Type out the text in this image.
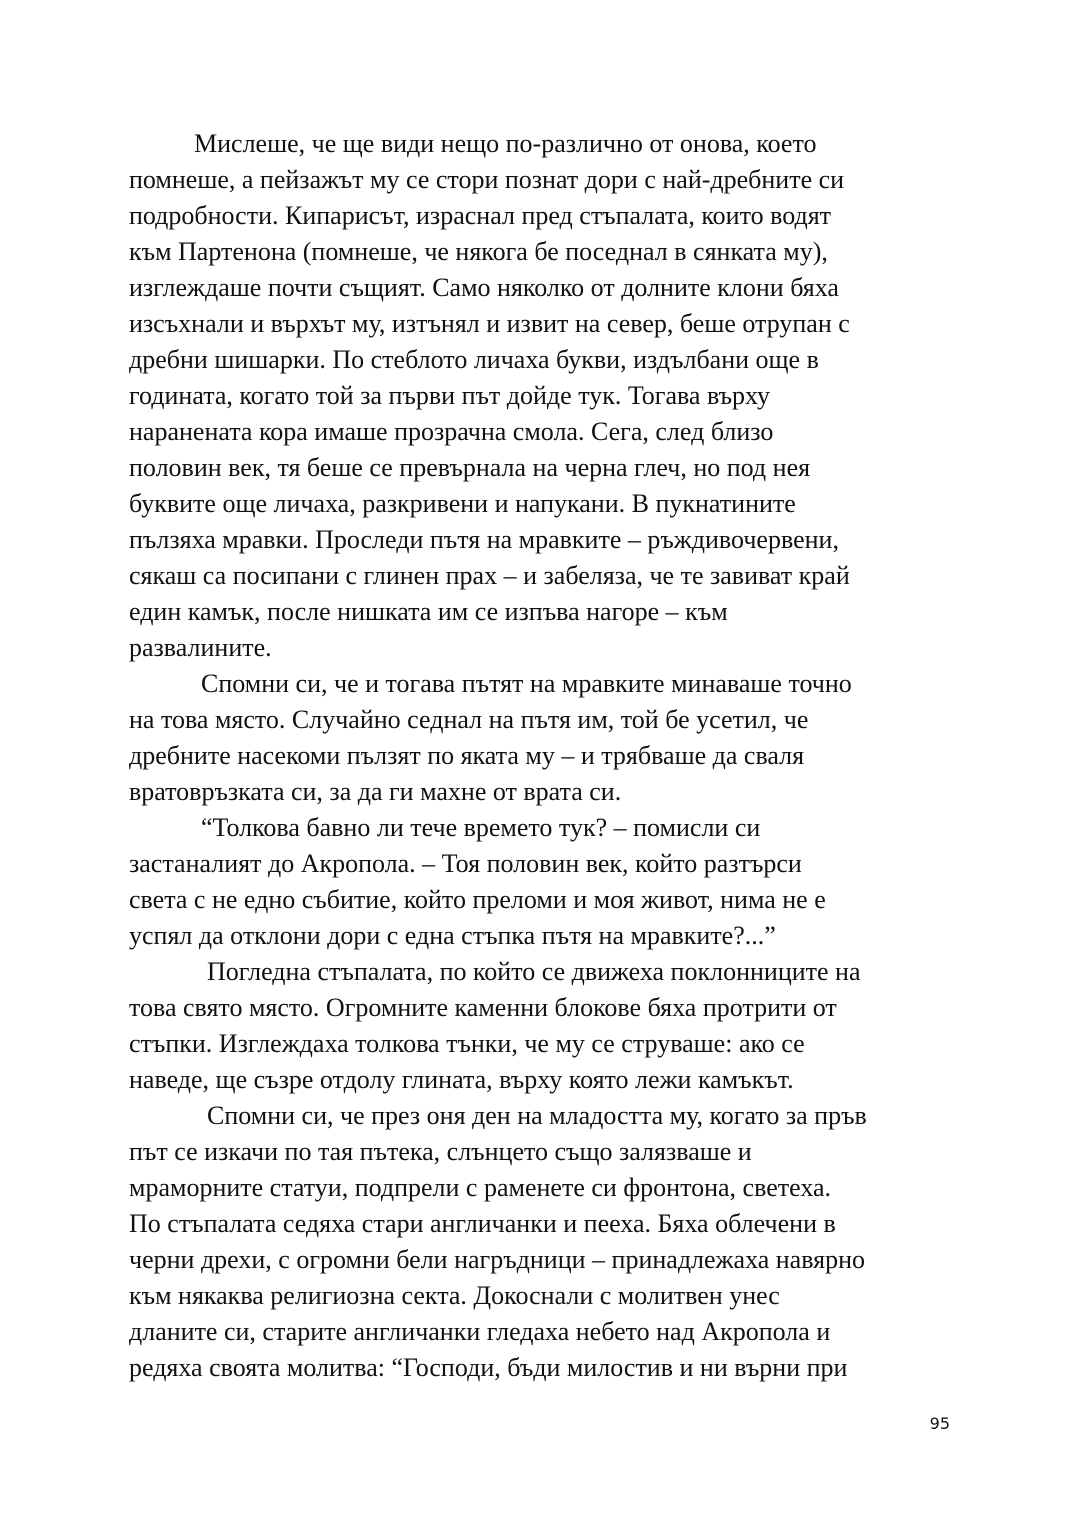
Мислеше, че ще види нещо по-различно от онова, което
помнеше, а пейзажът му се стори познат дори с най-дребните си
подробности. Кипарисът, израснал пред стъпалата, които водят
към Партенона (помнеше, че някога бе поседнал в сянката му),
изглеждаше почти същият. Само няколко от долните клони бяха
изсъхнали и върхът му, изтънял и извит на север, беше отрупан с
дребни шишарки. По стеблото личаха букви, издълбани още в
годината, когато той за първи път дойде тук. Тогава върху
наранената кора имаше прозрачна смола. Сега, след близо
половин век, тя беше се превърнала на черна глеч, но под нея
буквите още личаха, разкривени и напукани. В пукнатините
пълзяха мравки. Проследи пътя на мравките – ръждивочервени,
сякаш са посипани с глинен прах – и забеляза, че те завиват край
един камък, после нишката им се изпъва нагоре – към
развалините.
Спомни си, че и тогава пътят на мравките минаваше точно
на това място. Случайно седнал на пътя им, той бе усетил, че
дребните насекоми пълзят по яката му – и трябваше да сваля
вратовръзката си, за да ги махне от врата си.
“Толкова бавно ли тече времето тук? – помисли си
застаналият до Акропола. – Тоя половин век, който разтърси
света с не едно събитие, който преломи и моя живот, нима не е
успял да отклони дори с една стъпка пътя на мравките?...”
Погледна стъпалата, по който се движеха поклонниците на
това свято място. Огромните каменни блокове бяха протрити от
стъпки. Изглеждаха толкова тънки, че му се струваше: ако се
наведе, ще съзре отдолу глината, върху която лежи камъкът.
Спомни си, че през оня ден на младостта му, когато за пръв
път се изкачи по тая пътека, слънцето също залязваше и
мраморните статуи, подпрели с раменете си фронтона, светеха.
По стъпалата седяха стари англичанки и пееха. Бяха облечени в
черни дрехи, с огромни бели нагръдници – принадлежаха навярно
към някаква религиозна секта. Докоснали с молитвен унес
дланите си, старите англичанки гледаха небето над Акропола и
редяха своята молитва: “Господи, бъди милостив и ни върни при
95
